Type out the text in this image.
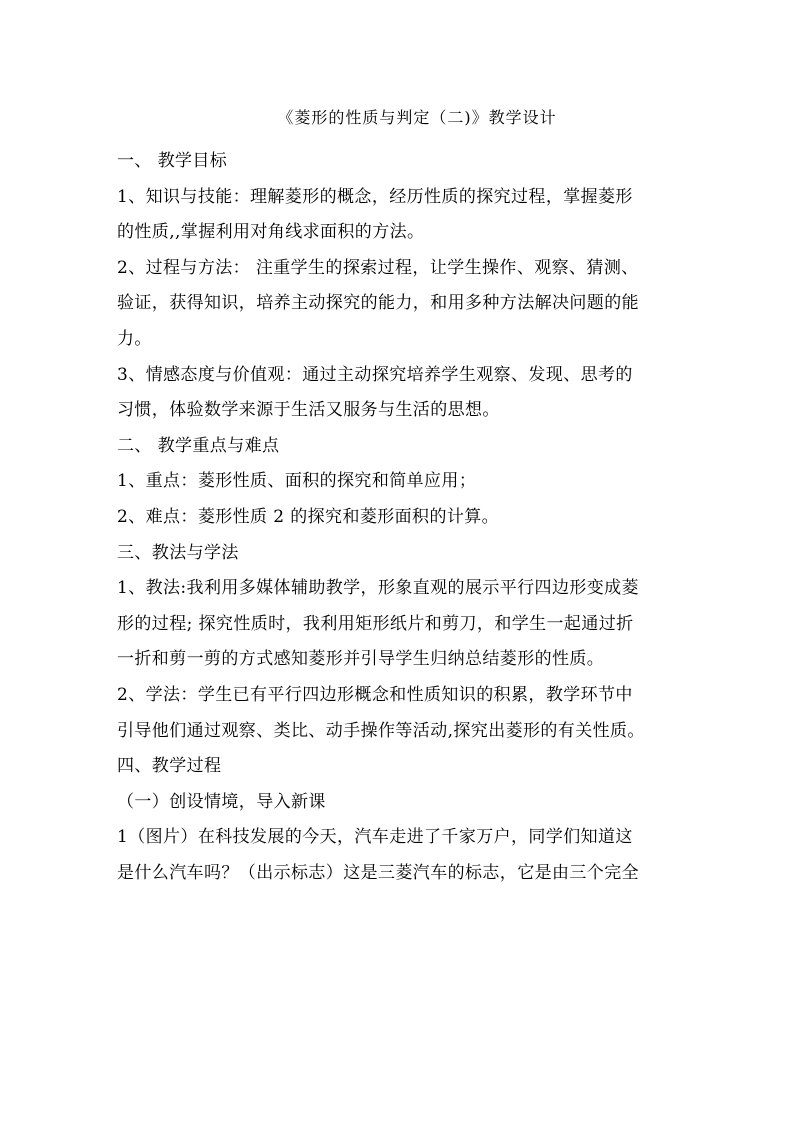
《菱形的性质与判定（二)》教学设计
一、 教学目标
1、知识与技能：理解菱形的概念，经历性质的探究过程，掌握菱形
的性质,,掌握利用对角线求面积的方法。
2、过程与方法： 注重学生的探索过程，让学生操作、观察、猜测、
验证，获得知识，培养主动探究的能力，和用多种方法解决问题的能
力。
3、情感态度与价值观：通过主动探究培养学生观察、发现、思考的
习惯，体验数学来源于生活又服务与生活的思想。
二、 教学重点与难点
1、重点：菱形性质、面积的探究和简单应用；
2、难点：菱形性质 2 的探究和菱形面积的计算。
三、教法与学法
1、教法:我利用多媒体辅助教学，形象直观的展示平行四边形变成菱
形的过程; 探究性质时，我利用矩形纸片和剪刀，和学生一起通过折
一折和剪一剪的方式感知菱形并引导学生归纳总结菱形的性质。
2、学法：学生已有平行四边形概念和性质知识的积累，教学环节中
引导他们通过观察、类比、动手操作等活动,探究出菱形的有关性质。
四、教学过程
（一）创设情境，导入新课
1（图片）在科技发展的今天，汽车走进了千家万户，同学们知道这
是什么汽车吗？（出示标志）这是三菱汽车的标志，它是由三个完全
